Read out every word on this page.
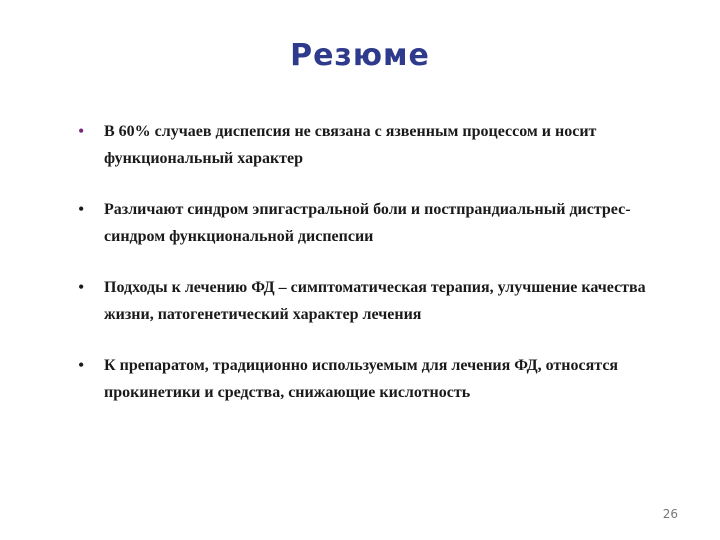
Резюме
• В 60% случаев диспепсия не связана с язвенным процессом и носит функциональный характер
• Различают синдром эпигастральной боли и постпрандиальный дистрес-синдром функциональной диспепсии
• Подходы к лечению ФД – симптоматическая терапия, улучшение качества жизни, патогенетический характер лечения
• К препаратом, традиционно используемым для лечения ФД, относятся прокинетики и средства, снижающие кислотность
26
